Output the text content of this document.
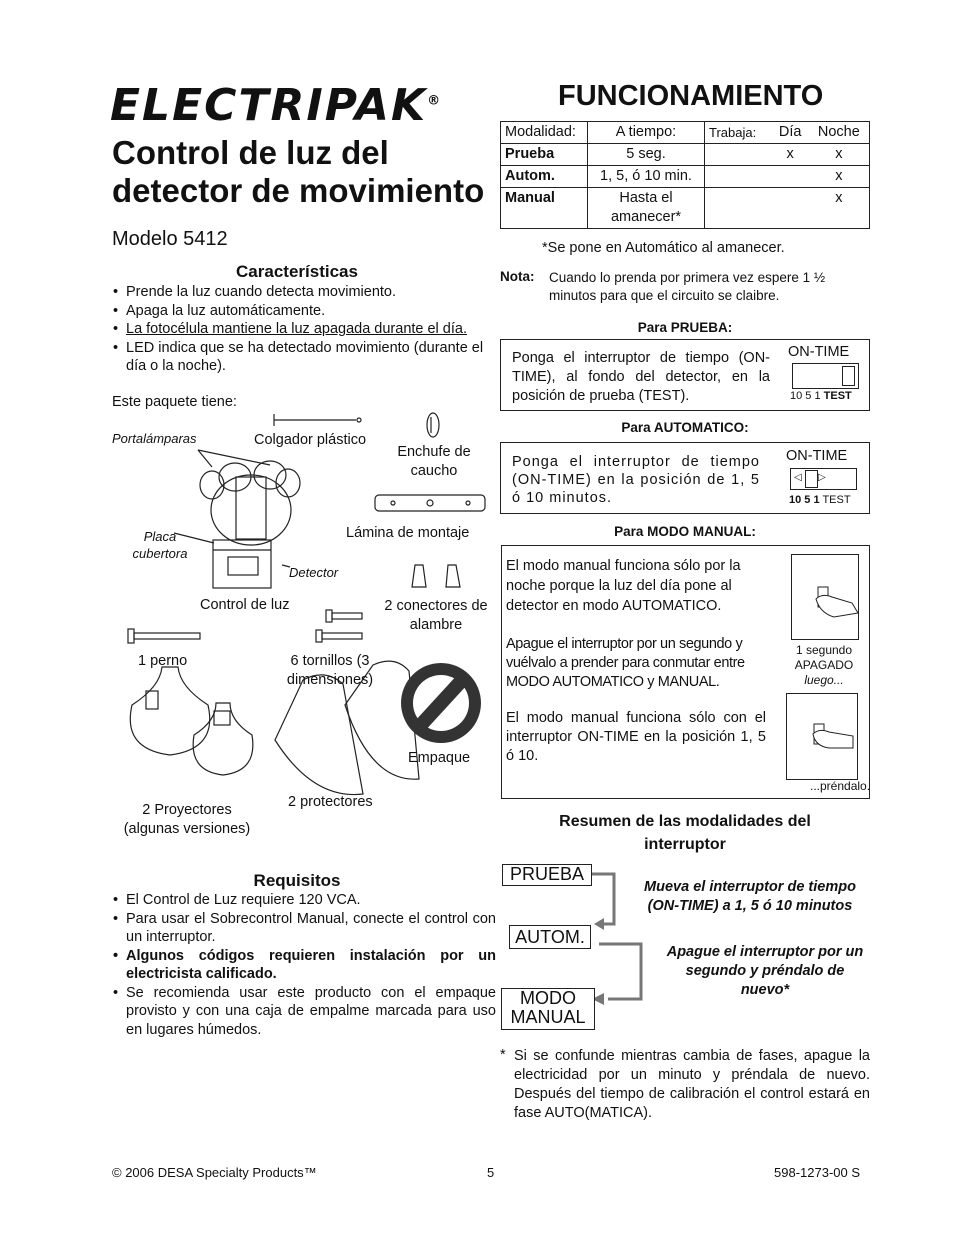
ELECTRIPAK®
Control de luz del detector de movimiento
Modelo 5412
Características
• Prende la luz cuando detecta movimiento.
• Apaga la luz automáticamente.
• La fotocélula mantiene la luz apagada durante el día.
• LED indica que se ha detectado movimiento (durante el día o la noche).
Este paquete tiene:
Portalámparas	Colgador plástico
Enchufe de caucho
Lámina de montaje
Placa cubertora
Detector
Control de luz	2 conectores de alambre
1 perno	6 tornillos (3 dimensiones)
Empaque
2 Proyectores (algunas versiones)
2 protectores
Requisitos
• El Control de Luz requiere 120 VCA.
• Para usar el Sobrecontrol Manual, conecte el control con un interruptor.
• Algunos códigos requieren instalación por un electricista calificado.
• Se recomienda usar este producto con el empaque provisto y con una caja de empalme marcada para uso en lugares húmedos.
FUNCIONAMIENTO
Modalidad:	A tiempo:	Trabaja:	Día	Noche
Prueba	5 seg.		x	x
Autom.	1, 5, ó 10 min.			x
Manual	Hasta el amanecer*			x
*Se pone en Automático al amanecer.
Nota: Cuando lo prenda por primera vez espere 1 ½ minutos para que el circuito se claibre.
Para PRUEBA:
Ponga el interruptor de tiempo (ON-TIME), al fondo del detector, en la posición de prueba (TEST).
ON-TIME
10 5 1 TEST
Para AUTOMATICO:
Ponga el interruptor de tiempo (ON-TIME) en la posición de 1, 5 ó 10 minutos.
ON-TIME
◁ ▷
10 5 1 TEST
Para MODO MANUAL:
El modo manual funciona sólo por la noche porque la luz del día pone al detector en modo AUTOMATICO.
Apague el interruptor por un segundo y vuélvalo a prender para conmutar entre MODO AUTOMATICO y MANUAL.
El modo manual funciona sólo con el interruptor ON-TIME en la posición 1, 5 ó 10.
1 segundo
APAGADO
luego...
...préndalo.
Resumen de las modalidades del interruptor
PRUEBA
AUTOM.
MODO MANUAL
Mueva el interruptor de tiempo (ON-TIME) a 1, 5 ó 10 minutos
Apague el interruptor por un segundo y préndalo de nuevo*
* Si se confunde mientras cambia de fases, apague la electricidad por un minuto y préndala de nuevo. Después del tiempo de calibración el control estará en fase AUTO(MATICA).
© 2006 DESA Specialty Products™	5	598-1273-00 S
